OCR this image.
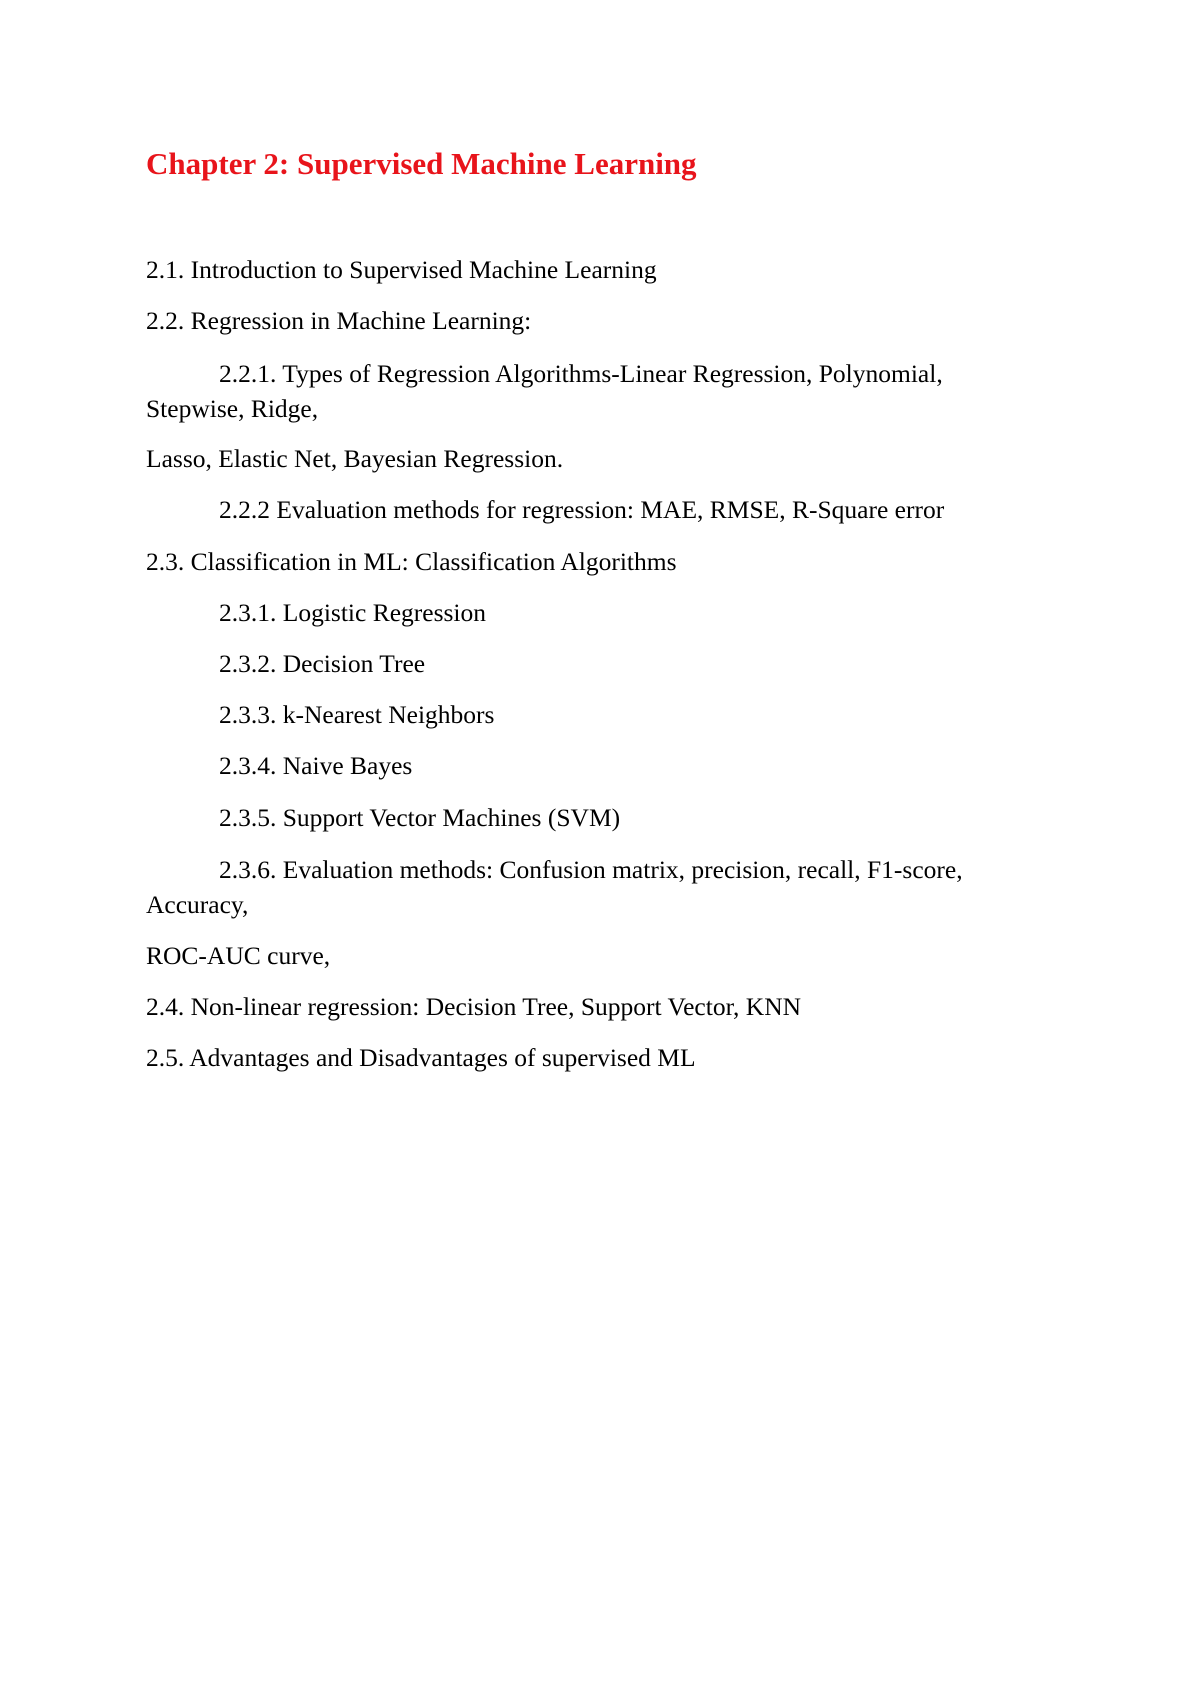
Chapter 2: Supervised Machine Learning

2.1. Introduction to Supervised Machine Learning

2.2. Regression in Machine Learning:

2.2.1. Types of Regression Algorithms-Linear Regression, Polynomial,

Stepwise, Ridge,

Lasso, Elastic Net, Bayesian Regression.

2.2.2 Evaluation methods for regression: MAE, RMSE, R-Square error

2.3. Classification in ML: Classification Algorithms

2.3.1. Logistic Regression

2.3.2. Decision Tree

2.3.3. k-Nearest Neighbors

2.3.4. Naive Bayes

2.3.5. Support Vector Machines (SVM)

2.3.6. Evaluation methods: Confusion matrix, precision, recall, F1-score,

Accuracy,

ROC-AUC curve,

2.4. Non-linear regression: Decision Tree, Support Vector, KNN

2.5. Advantages and Disadvantages of supervised ML
